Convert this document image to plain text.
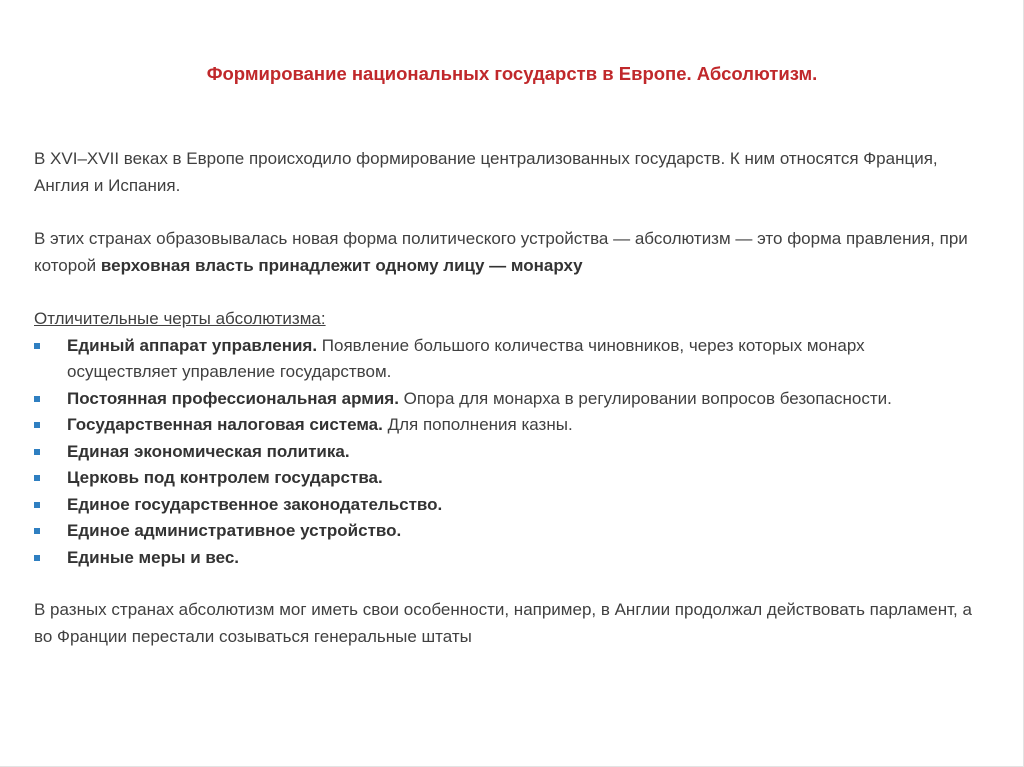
Формирование национальных государств в Европе. Абсолютизм.

В XVI–XVII веках в Европе происходило формирование централизованных государств. К ним относятся Франция, Англия и Испания.

В этих странах образовывалась новая форма политического устройства — абсолютизм — это форма правления, при которой верховная власть принадлежит одному лицу — монарху

Отличительные черты абсолютизма:

Единый аппарат управления. Появление большого количества чиновников, через которых монарх осуществляет управление государством.
Постоянная профессиональная армия. Опора для монарха в регулировании вопросов безопасности.
Государственная налоговая система. Для пополнения казны.
Единая экономическая политика.
Церковь под контролем государства.
Единое государственное законодательство.
Единое административное устройство.
Единые меры и вес.

В разных странах абсолютизм мог иметь свои особенности, например, в Англии продолжал действовать парламент, а во Франции перестали созываться генеральные штаты
